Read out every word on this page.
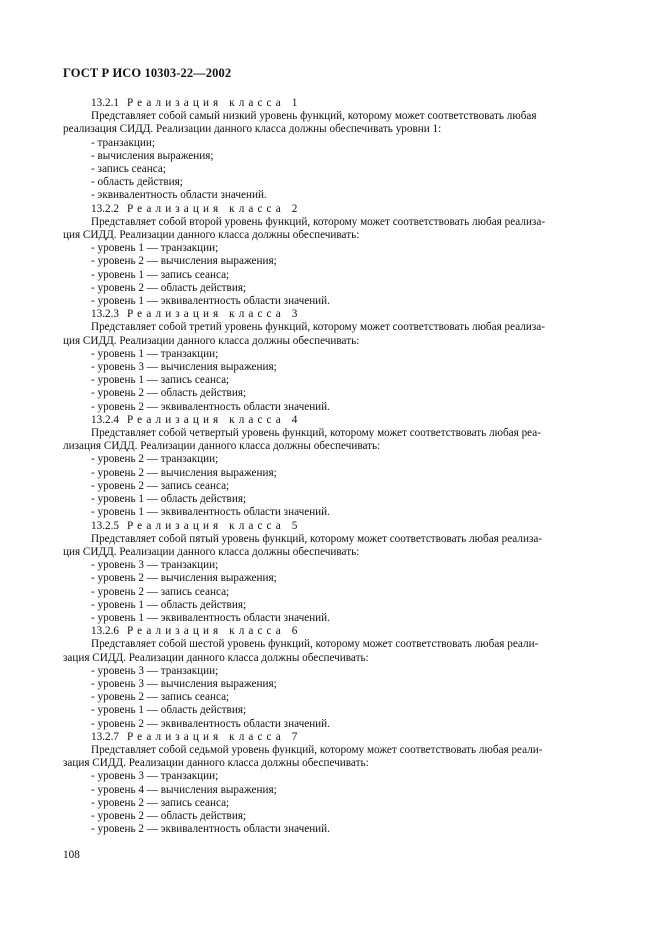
ГОСТ Р ИСО 10303-22—2002
13.2.1 Реализация класса 1
Представляет собой самый низкий уровень функций, которому может соответствовать любая
реализация СИДД. Реализации данного класса должны обеспечивать уровни 1:
- транзакции;
- вычисления выражения;
- запись сеанса;
- область действия;
- эквивалентность области значений.
13.2.2 Реализация класса 2
Представляет собой второй уровень функций, которому может соответствовать любая реализа-
ция СИДД. Реализации данного класса должны обеспечивать:
- уровень 1 — транзакции;
- уровень 2 — вычисления выражения;
- уровень 1 — запись сеанса;
- уровень 2 — область действия;
- уровень 1 — эквивалентность области значений.
13.2.3 Реализация класса 3
Представляет собой третий уровень функций, которому может соответствовать любая реализа-
ция СИДД. Реализации данного класса должны обеспечивать:
- уровень 1 — транзакции;
- уровень 3 — вычисления выражения;
- уровень 1 — запись сеанса;
- уровень 2 — область действия;
- уровень 2 — эквивалентность области значений.
13.2.4 Реализация класса 4
Представляет собой четвертый уровень функций, которому может соответствовать любая реа-
лизация СИДД. Реализации данного класса должны обеспечивать:
- уровень 2 — транзакции;
- уровень 2 — вычисления выражения;
- уровень 2 — запись сеанса;
- уровень 1 — область действия;
- уровень 1 — эквивалентность области значений.
13.2.5 Реализация класса 5
Представляет собой пятый уровень функций, которому может соответствовать любая реализа-
ция СИДД. Реализации данного класса должны обеспечивать:
- уровень 3 — транзакции;
- уровень 2 — вычисления выражения;
- уровень 2 — запись сеанса;
- уровень 1 — область действия;
- уровень 1 — эквивалентность области значений.
13.2.6 Реализация класса 6
Представляет собой шестой уровень функций, которому может соответствовать любая реали-
зация СИДД. Реализации данного класса должны обеспечивать:
- уровень 3 — транзакции;
- уровень 3 — вычисления выражения;
- уровень 2 — запись сеанса;
- уровень 1 — область действия;
- уровень 2 — эквивалентность области значений.
13.2.7 Реализация класса 7
Представляет собой седьмой уровень функций, которому может соответствовать любая реали-
зация СИДД. Реализации данного класса должны обеспечивать:
- уровень 3 — транзакции;
- уровень 4 — вычисления выражения;
- уровень 2 — запись сеанса;
- уровень 2 — область действия;
- уровень 2 — эквивалентность области значений.
108
